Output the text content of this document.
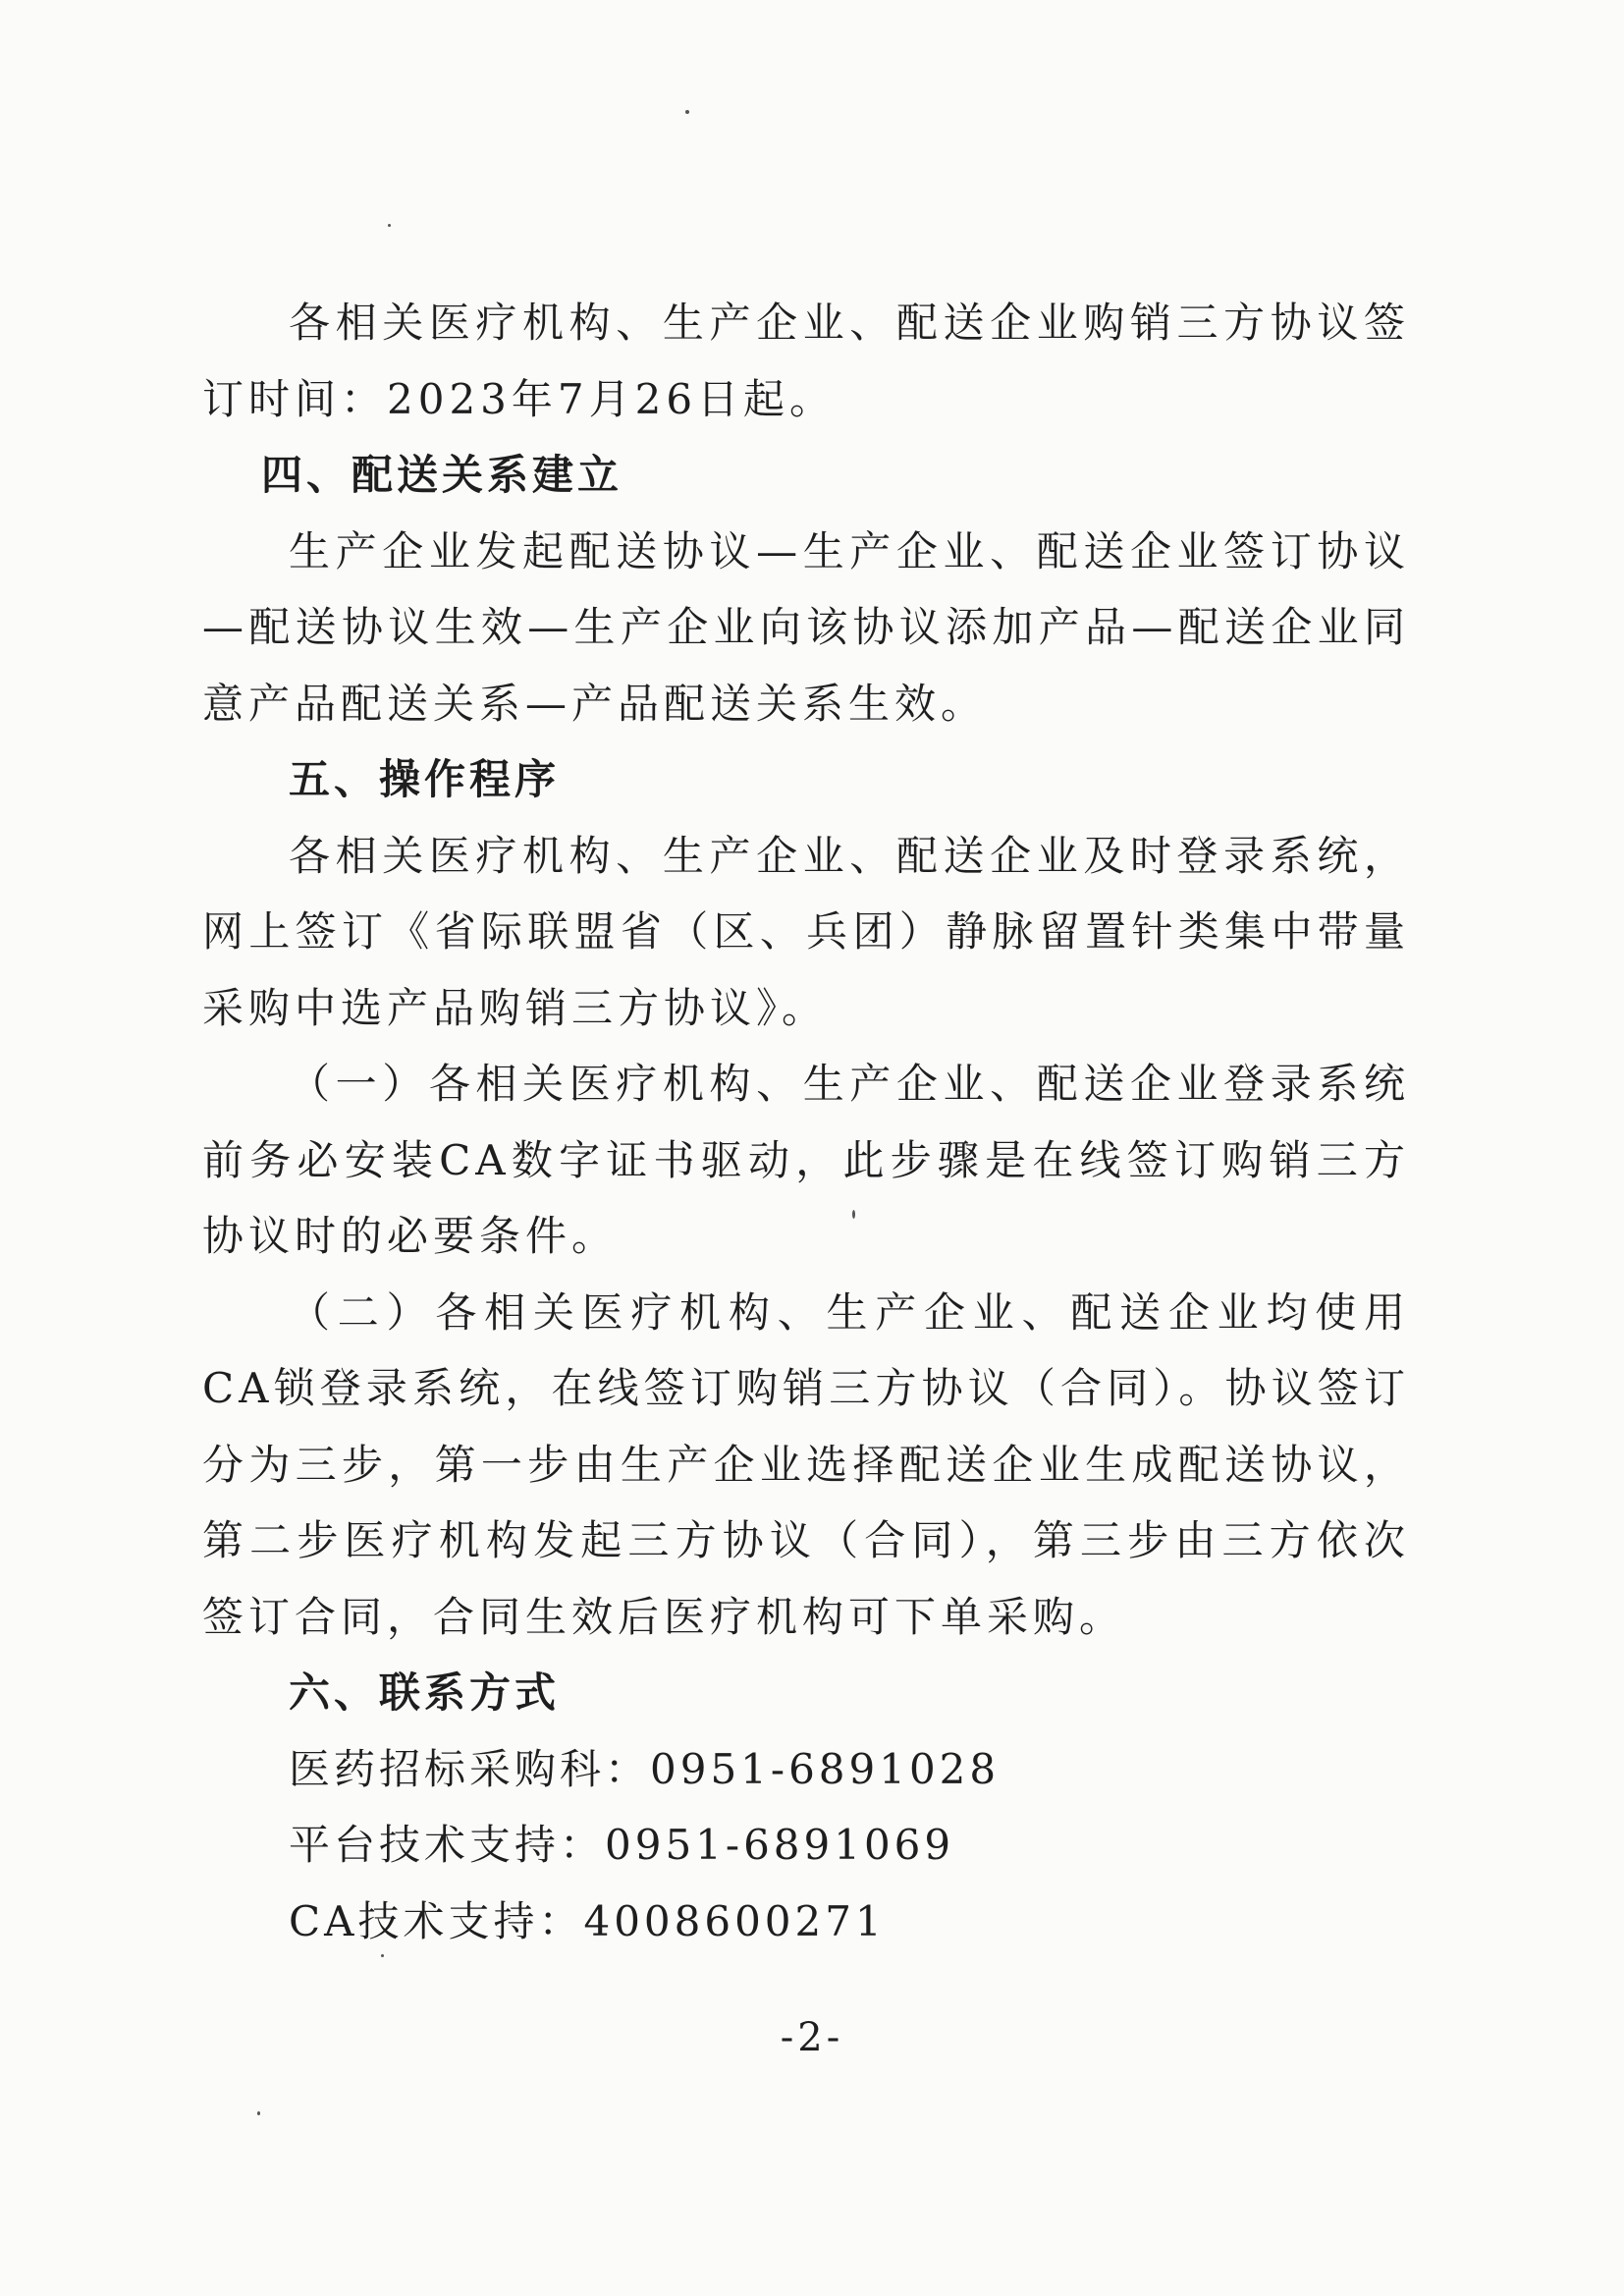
各相关医疗机构、生产企业、配送企业购销三方协议签订时间：2023年7月26日起。

四、配送关系建立

生产企业发起配送协议—生产企业、配送企业签订协议—配送协议生效—生产企业向该协议添加产品—配送企业同意产品配送关系—产品配送关系生效。

五、操作程序

各相关医疗机构、生产企业、配送企业及时登录系统，网上签订《省际联盟省（区、兵团）静脉留置针类集中带量采购中选产品购销三方协议》。

（一）各相关医疗机构、生产企业、配送企业登录系统前务必安装CA数字证书驱动，此步骤是在线签订购销三方协议时的必要条件。

（二）各相关医疗机构、生产企业、配送企业均使用CA锁登录系统，在线签订购销三方协议（合同）。协议签订分为三步，第一步由生产企业选择配送企业生成配送协议，第二步医疗机构发起三方协议（合同），第三步由三方依次签订合同，合同生效后医疗机构可下单采购。

六、联系方式

医药招标采购科：0951-6891028

平台技术支持：0951-6891069

CA技术支持：4008600271

-2-
